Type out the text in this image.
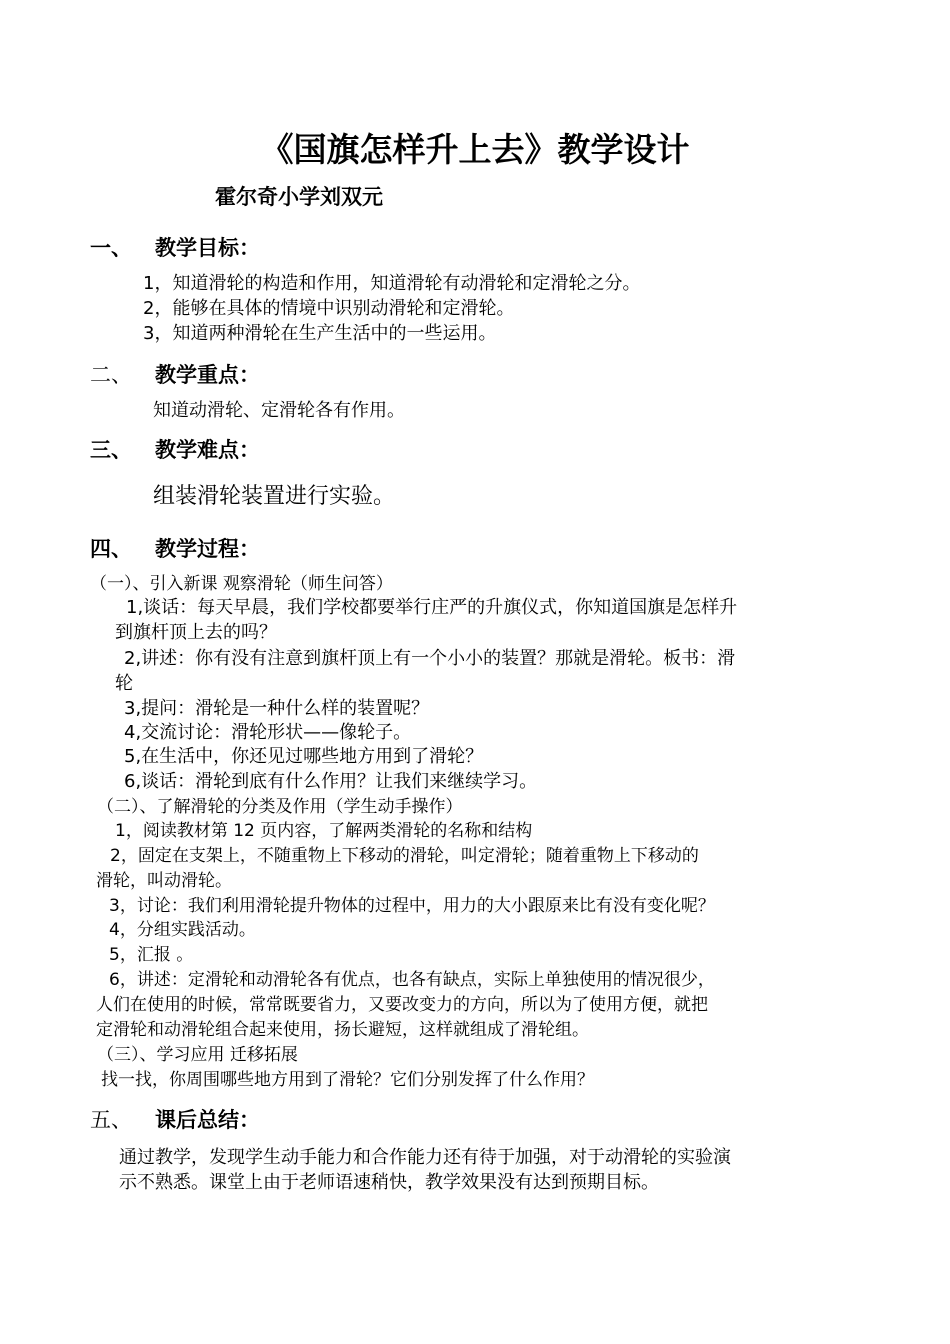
《国旗怎样升上去》教学设计
霍尔奇小学刘双元
一、 教学目标：
1，知道滑轮的构造和作用，知道滑轮有动滑轮和定滑轮之分。
2，能够在具体的情境中识别动滑轮和定滑轮。
3，知道两种滑轮在生产生活中的一些运用。
二、 教学重点：
知道动滑轮、定滑轮各有作用。
三、 教学难点：
组装滑轮装置进行实验。
四、 教学过程：
（一）、引入新课 观察滑轮（师生问答）
1,谈话：每天早晨，我们学校都要举行庄严的升旗仪式，你知道国旗是怎样升
到旗杆顶上去的吗？
2,讲述：你有没有注意到旗杆顶上有一个小小的装置？那就是滑轮。板书：滑
轮
3,提问：滑轮是一种什么样的装置呢？
4,交流讨论：滑轮形状——像轮子。
5,在生活中，你还见过哪些地方用到了滑轮？
6,谈话：滑轮到底有什么作用？让我们来继续学习。
（二）、了解滑轮的分类及作用（学生动手操作）
1，阅读教材第 12 页内容，了解两类滑轮的名称和结构
2，固定在支架上，不随重物上下移动的滑轮，叫定滑轮；随着重物上下移动的
滑轮，叫动滑轮。
3，讨论：我们利用滑轮提升物体的过程中，用力的大小跟原来比有没有变化呢？
4，分组实践活动。
5，汇报 。
6，讲述：定滑轮和动滑轮各有优点，也各有缺点，实际上单独使用的情况很少，
人们在使用的时候，常常既要省力，又要改变力的方向，所以为了使用方便，就把
定滑轮和动滑轮组合起来使用，扬长避短，这样就组成了滑轮组。
（三）、学习应用 迁移拓展
找一找，你周围哪些地方用到了滑轮？它们分别发挥了什么作用？
五、 课后总结：
通过教学，发现学生动手能力和合作能力还有待于加强，对于动滑轮的实验演
示不熟悉。课堂上由于老师语速稍快，教学效果没有达到预期目标。
